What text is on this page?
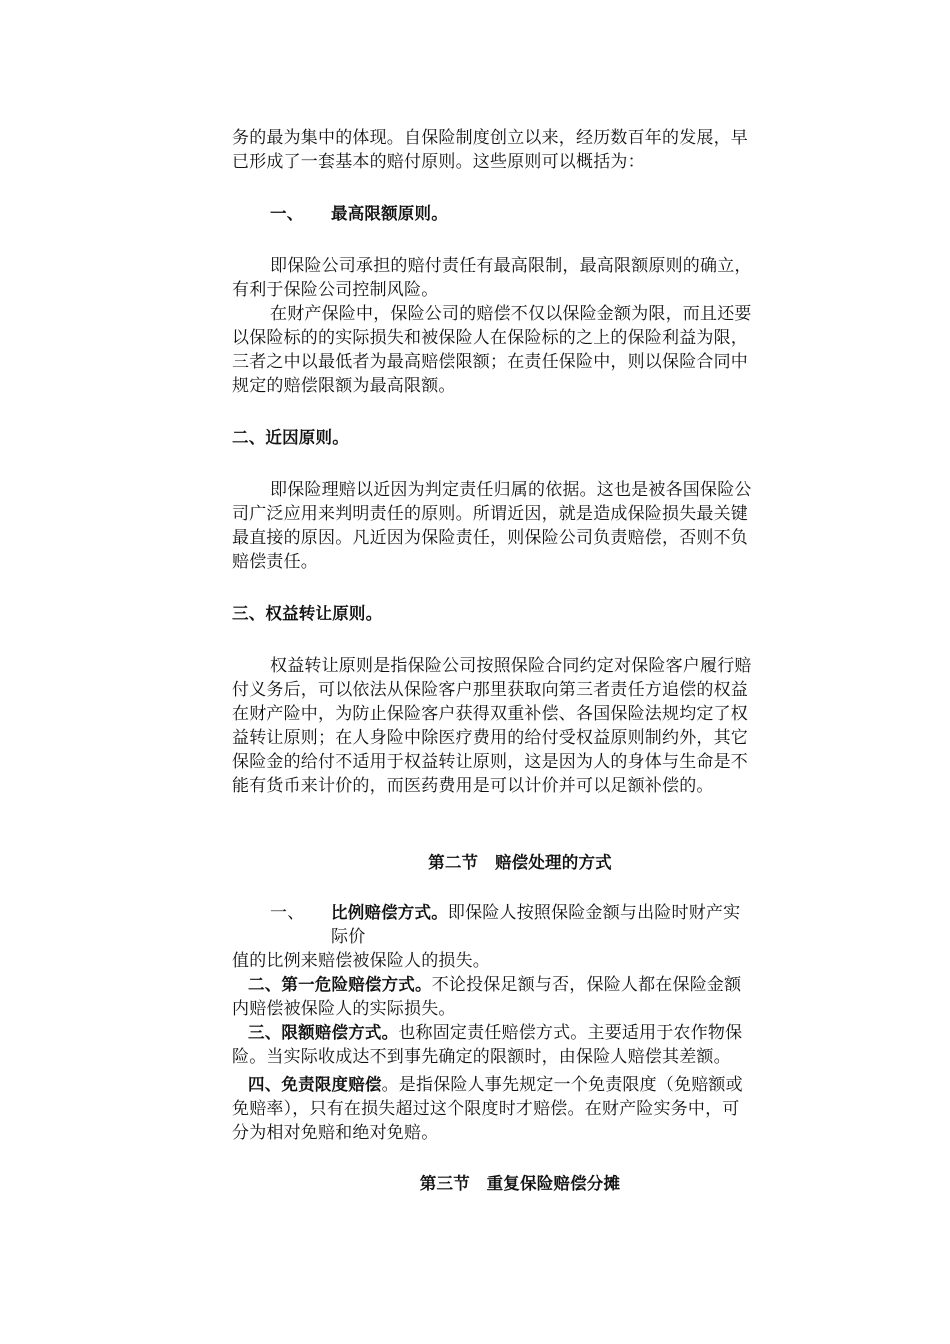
务的最为集中的体现。自保险制度创立以来，经历数百年的发展，早
已形成了一套基本的赔付原则。这些原则可以概括为：
一、 最高限额原则。
即保险公司承担的赔付责任有最高限制，最高限额原则的确立，
有利于保险公司控制风险。
在财产保险中，保险公司的赔偿不仅以保险金额为限，而且还要
以保险标的的实际损失和被保险人在保险标的之上的保险利益为限，
三者之中以最低者为最高赔偿限额；在责任保险中，则以保险合同中
规定的赔偿限额为最高限额。
二、近因原则。
即保险理赔以近因为判定责任归属的依据。这也是被各国保险公
司广泛应用来判明责任的原则。所谓近因，就是造成保险损失最关键
最直接的原因。凡近因为保险责任，则保险公司负责赔偿，否则不负
赔偿责任。
三、权益转让原则。
权益转让原则是指保险公司按照保险合同约定对保险客户履行赔
付义务后，可以依法从保险客户那里获取向第三者责任方追偿的权益
在财产险中，为防止保险客户获得双重补偿、各国保险法规均定了权
益转让原则；在人身险中除医疗费用的给付受权益原则制约外，其它
保险金的给付不适用于权益转让原则，这是因为人的身体与生命是不
能有货币来计价的，而医药费用是可以计价并可以足额补偿的。
第二节　赔偿处理的方式
一、 比例赔偿方式。即保险人按照保险金额与出险时财产实
际价
值的比例来赔偿被保险人的损失。
二、第一危险赔偿方式。不论投保足额与否，保险人都在保险金额
内赔偿被保险人的实际损失。
三、限额赔偿方式。也称固定责任赔偿方式。主要适用于农作物保
险。当实际收成达不到事先确定的限额时，由保险人赔偿其差额。
四、免责限度赔偿。是指保险人事先规定一个免责限度（免赔额或
免赔率），只有在损失超过这个限度时才赔偿。在财产险实务中，可
分为相对免赔和绝对免赔。
第三节　重复保险赔偿分摊
